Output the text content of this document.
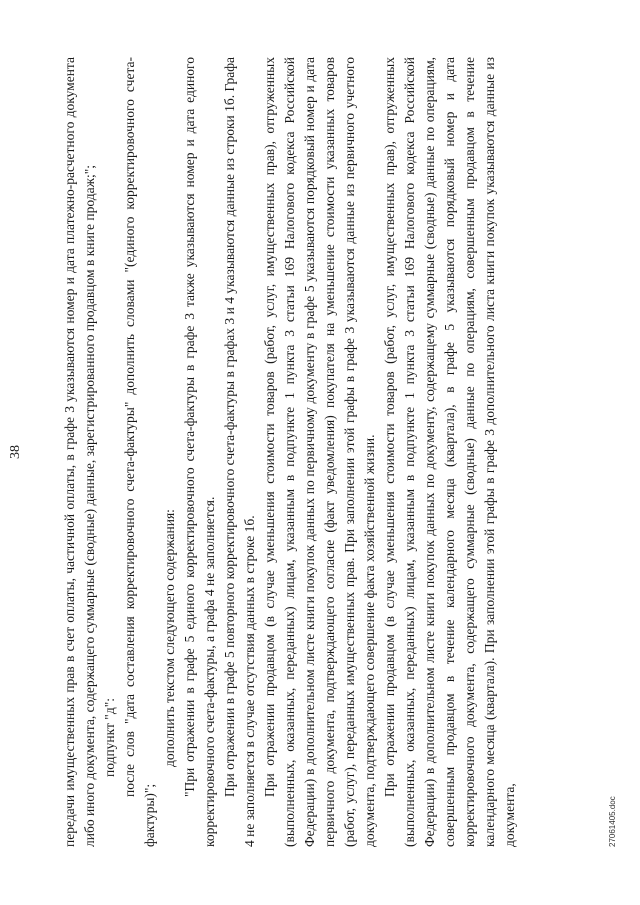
38	передачи имущественных прав в счет оплаты, частичной оплаты, в графе 3 указываются номер и дата платежно-расчетного документа либо иного документа, содержащего суммарные (сводные) данные, зарегистрированного продавцом в книге продаж;"; подпункт "д": после слов "дата составления корректировочного счета-фактуры" дополнить словами "(единого корректировочного счета-фактуры)";

дополнить текстом следующего содержания: "При отражении в графе 5 единого корректировочного счета-фактуры в графе 3 также указываются номер и дата единого корректировочного счета-фактуры, а графа 4 не заполняется. При отражении в графе 5 повторного корректировочного счета-фактуры в графах 3 и 4 указываются данные из строки 1б. Графа 4 не заполняется в случае отсутствия данных в строке 1б. При отражении продавцом (в случае уменьшения стоимости товаров (работ, услуг, имущественных прав), отгруженных (выполненных, оказанных, переданных) лицам, указанным в подпункте 1 пункта 3 статьи 169 Налогового кодекса Российской Федерации) в дополнительном листе книги покупок данных по первичному документу в графе 5 указываются порядковый номер и дата первичного документа, подтверждающего согласие (факт уведомления) покупателя на уменьшение стоимости указанных товаров (работ, услуг), переданных имущественных прав. При заполнении этой графы в графе 3 указываются данные из первичного учетного документа, подтверждающего совершение факта хозяйственной жизни. При отражении продавцом (в случае уменьшения стоимости товаров (работ, услуг, имущественных прав), отгруженных (выполненных, оказанных, переданных) лицам, указанным в подпункте 1 пункта 3 статьи 169 Налогового кодекса Российской Федерации) в дополнительном листе книги покупок данных по документу, содержащему суммарные (сводные) данные по операциям, совершенным продавцом в течение календарного месяца (квартала), в графе 5 указываются порядковый номер и дата корректировочного документа, содержащего суммарные (сводные) данные по операциям, совершенным продавцом в течение календарного месяца (квартала). При заполнении этой графы в графе 3 дополнительного листа книги покупок указываются данные из документа,	27061405.doc
